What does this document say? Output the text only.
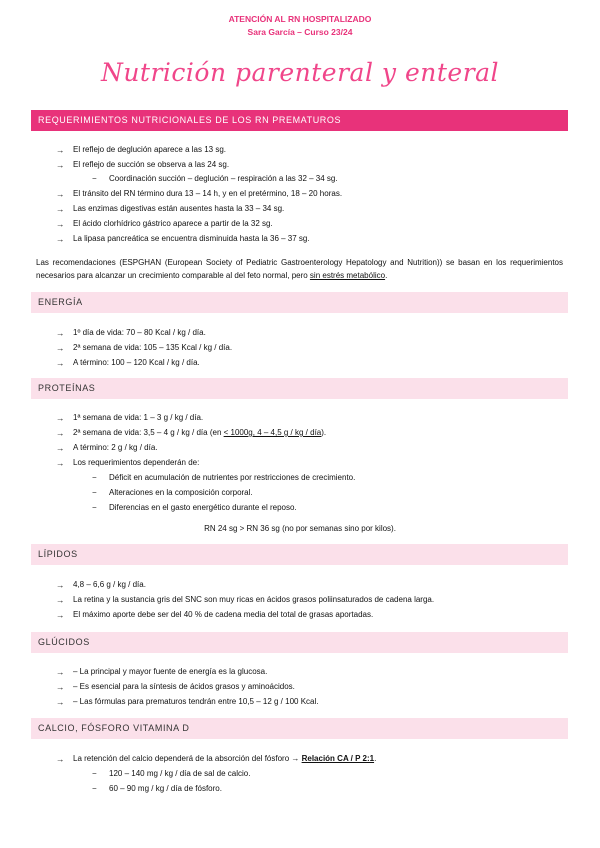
ATENCIÓN AL RN HOSPITALIZADO
Sara García – Curso 23/24
Nutrición parenteral y enteral
REQUERIMIENTOS NUTRICIONALES DE LOS RN PREMATUROS
→ El reflejo de deglución aparece a las 13 sg.
→ El reflejo de succión se observa a las 24 sg.
− Coordinación succión – deglución – respiración a las 32 – 34 sg.
→ El tránsito del RN término dura 13 – 14 h, y en el pretérmino, 18 – 20 horas.
→ Las enzimas digestivas están ausentes hasta la 33 – 34 sg.
→ El ácido clorhídrico gástrico aparece a partir de la 32 sg.
→ La lipasa pancreática se encuentra disminuida hasta la 36 – 37 sg.
Las recomendaciones (ESPGHAN (European Society of Pediatric Gastroenterology Hepatology and Nutrition)) se basan en los requerimientos necesarios para alcanzar un crecimiento comparable al del feto normal, pero sin estrés metabólico.
ENERGÍA
→ 1º día de vida: 70 – 80 Kcal / kg / día.
→ 2ª semana de vida: 105 – 135 Kcal / kg / día.
→ A término: 100 – 120 Kcal / kg / día.
PROTEÍNAS
→ 1ª semana de vida: 1 – 3 g / kg / día.
→ 2ª semana de vida: 3,5 – 4 g / kg / día (en < 1000g, 4 – 4,5 g / kg / día).
→ A término: 2 g / kg / día.
→ Los requerimientos dependerán de:
− Déficit en acumulación de nutrientes por restricciones de crecimiento.
− Alteraciones en la composición corporal.
− Diferencias en el gasto energético durante el reposo.
RN 24 sg > RN 36 sg (no por semanas sino por kilos).
LÍPIDOS
→ 4,8 – 6,6 g / kg / día.
→ La retina y la sustancia gris del SNC son muy ricas en ácidos grasos poliinsaturados de cadena larga.
→ El máximo aporte debe ser del 40 % de cadena media del total de grasas aportadas.
GLÚCIDOS
→ – La principal y mayor fuente de energía es la glucosa.
→ – Es esencial para la síntesis de ácidos grasos y aminoácidos.
→ – Las fórmulas para prematuros tendrán entre 10,5 – 12 g / 100 Kcal.
CALCIO, FÓSFORO VITAMINA D
→ La retención del calcio dependerá de la absorción del fósforo → Relación CA / P 2:1.
− 120 – 140 mg / kg / día de sal de calcio.
− 60 – 90 mg / kg / día de fósforo.
